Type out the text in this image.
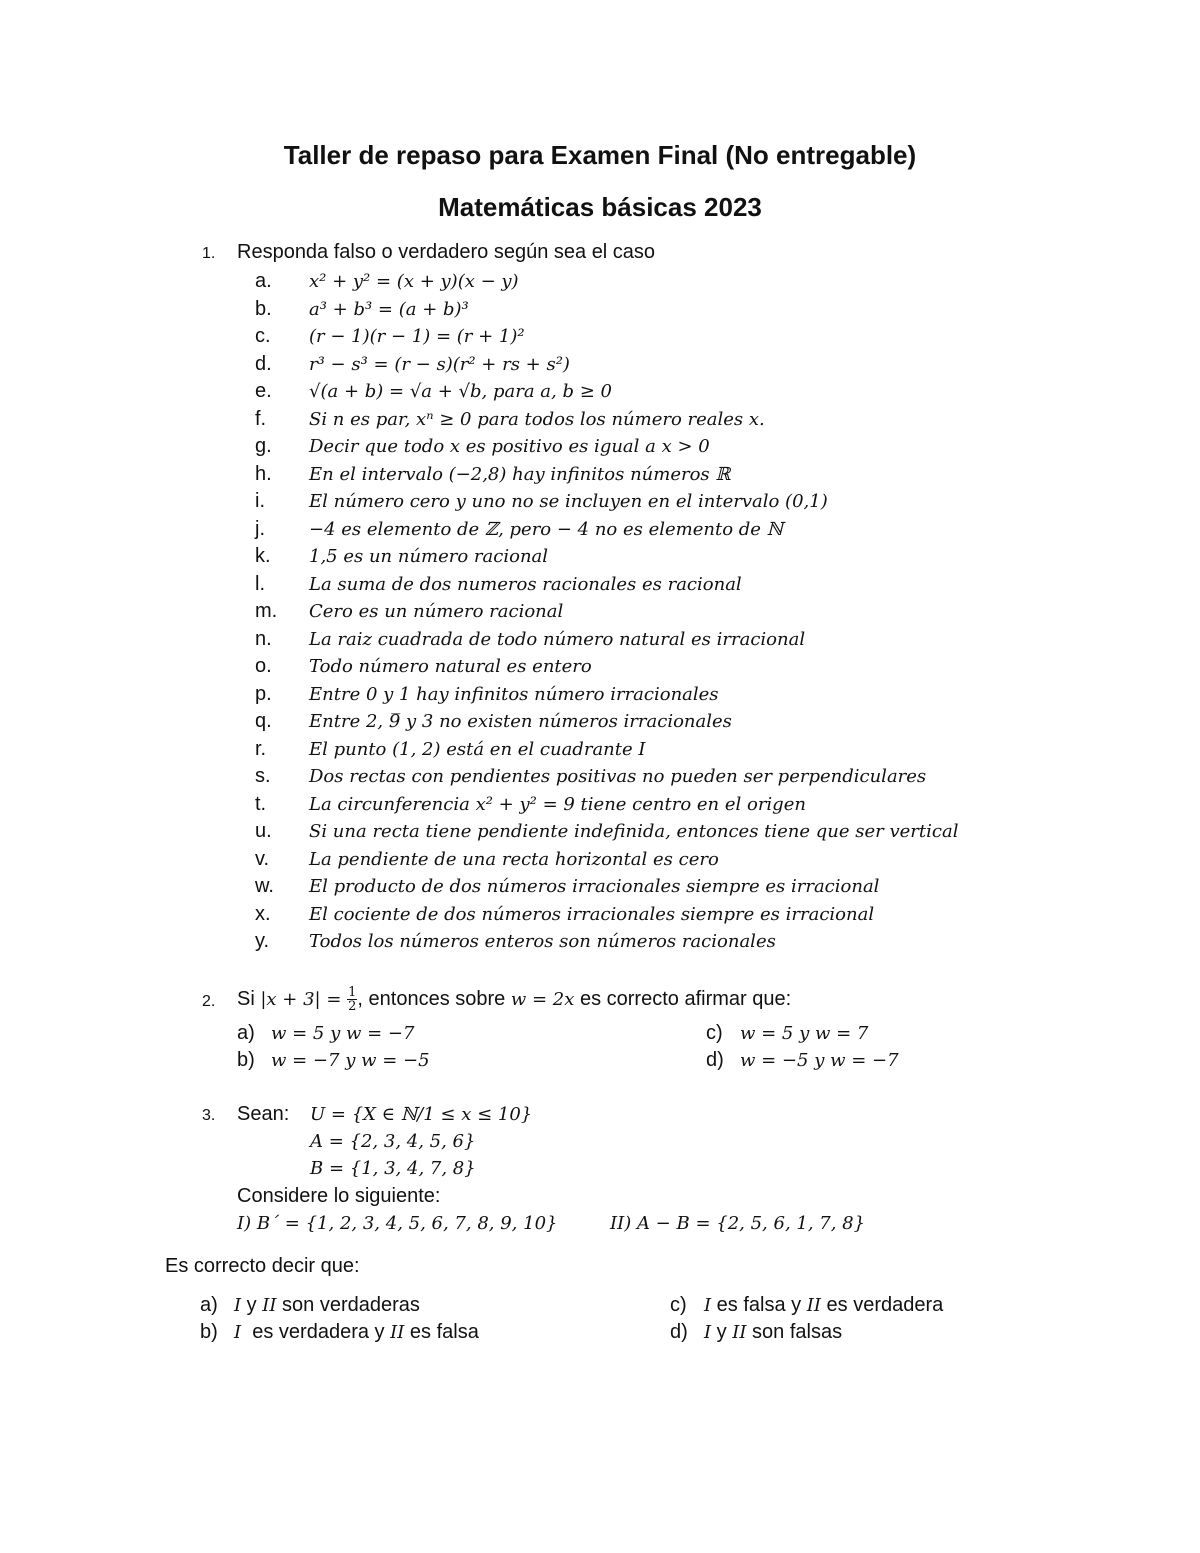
Taller de repaso para Examen Final (No entregable)
Matemáticas básicas 2023
1. Responda falso o verdadero según sea el caso
a.	x² + y² = (x + y)(x − y)
b.	a³ + b³ = (a + b)³
c.	(r − 1)(r − 1) = (r + 1)²
d.	r³ − s³ = (r − s)(r² + rs + s²)
e.	√(a + b) = √a + √b, para a, b ≥ 0
f.	Si n es par, xⁿ ≥ 0 para todos los número reales x.
g.	Decir que todo x es positivo es igual a x > 0
h.	En el intervalo (−2,8) hay infinitos números ℝ
i.	El número cero y uno no se incluyen en el intervalo (0,1)
j.	−4 es elemento de ℤ, pero − 4 no es elemento de ℕ
k.	1,5 es un número racional
l.	La suma de dos numeros racionales es racional
m.	Cero es un número racional
n.	La raiz cuadrada de todo número natural es irracional
o.	Todo número natural es entero
p.	Entre 0 y 1 hay infinitos número irracionales
q.	Entre 2, 9̅ y 3 no existen números irracionales
r.	El punto (1, 2) está en el cuadrante I
s.	Dos rectas con pendientes positivas no pueden ser perpendiculares
t.	La circunferencia x² + y² = 9 tiene centro en el origen
u.	Si una recta tiene pendiente indefinida, entonces tiene que ser vertical
v.	La pendiente de una recta horizontal es cero
w.	El producto de dos números irracionales siempre es irracional
x.	El cociente de dos números irracionales siempre es irracional
y.	Todos los números enteros son números racionales
2. Si $|x + 3| = \frac{1}{2}$ , entonces sobre w = 2x es correcto afirmar que:
a) w = 5 y w = −7
b) w = −7 y w = −5
c) w = 5 y w = 7
d) w = −5 y w = −7
3. Sean: U = {X ∈ ℕ/1 ≤ x ≤ 10}
A = {2, 3, 4, 5, 6}
B = {1, 3, 4, 7, 8}
Considere lo siguiente:
I) B´ = {1, 2, 3, 4, 5, 6, 7, 8, 9, 10}	II) A − B = {2, 5, 6, 1, 7, 8}
Es correcto decir que:
a) I y II son verdaderas
b) I  es verdadera y II es falsa
c) I es falsa y II es verdadera
d) I y II son falsas
